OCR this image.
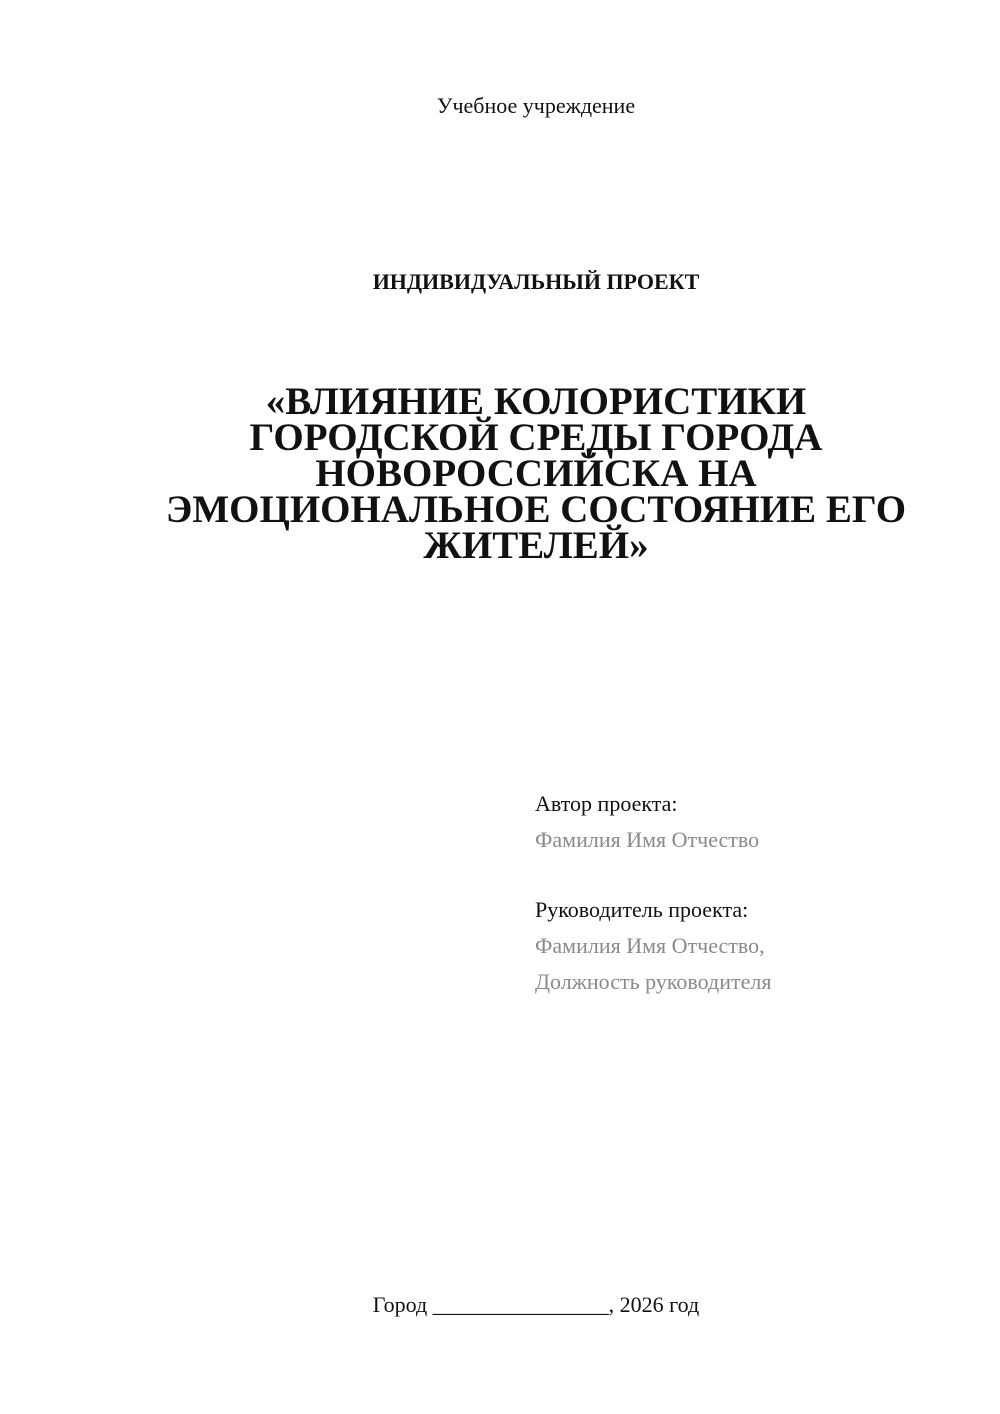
Учебное учреждение
ИНДИВИДУАЛЬНЫЙ ПРОЕКТ
«ВЛИЯНИЕ КОЛОРИСТИКИ
ГОРОДСКОЙ СРЕДЫ ГОРОДА
НОВОРОССИЙСКА НА
ЭМОЦИОНАЛЬНОЕ СОСТОЯНИЕ ЕГО
ЖИТЕЛЕЙ»
Автор проекта:
Фамилия Имя Отчество
Руководитель проекта:
Фамилия Имя Отчество,
Должность руководителя
Город ________________, 2026 год
